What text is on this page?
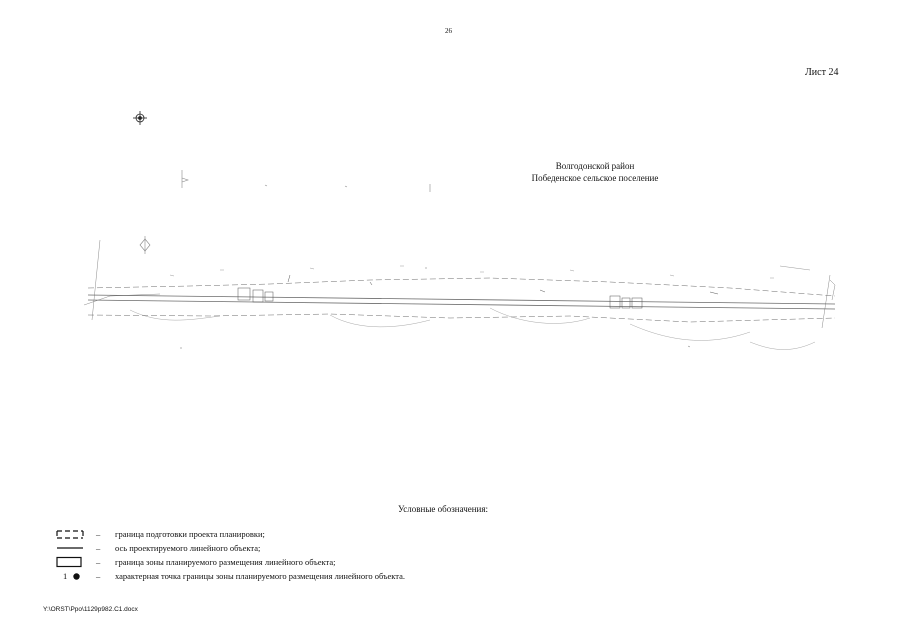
26
Лист 24
Волгодонской район
Победенское сельское поселение
Условные обозначения:
– граница подготовки проекта планировки;
– ось проектируемого линейного объекта;
– граница зоны планируемого размещения линейного объекта;
1	– характерная точка границы зоны планируемого размещения линейного объекта.
Y:\ORST\Ppo\1129p982.C1.docx
